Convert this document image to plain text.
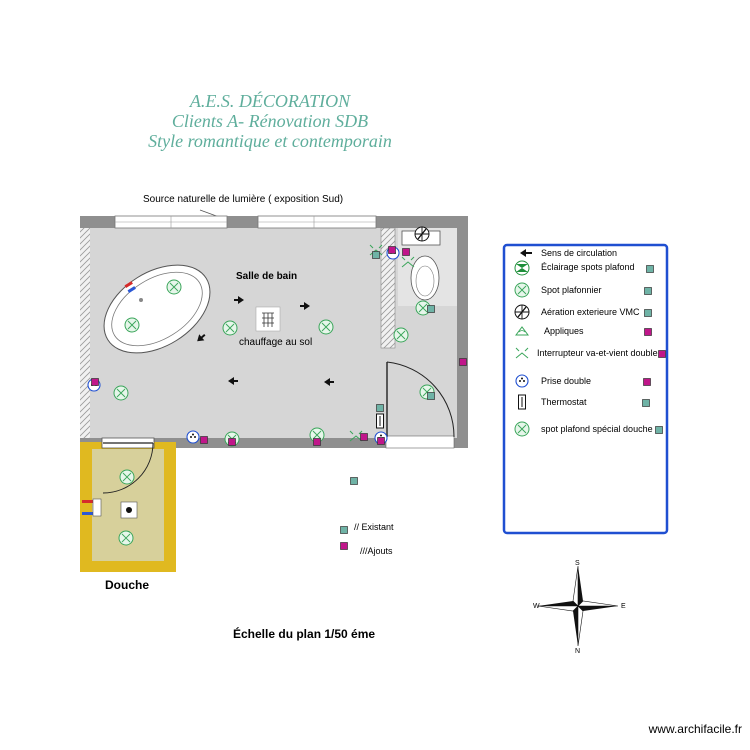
A.E.S. DÉCORATION
Clients A- Rénovation SDB
Style romantique et contemporain
Source naturelle de lumière ( exposition Sud)
Salle de bain
chauffage au sol
Douche
Échelle du plan 1/50 éme
// Existant
///Ajouts
S
N
E
W
Sens de circulation
Éclairage spots plafond
Spot plafonnier
Aération exterieure VMC
Appliques
Interrupteur va-et-vient double
Prise double
Thermostat
spot plafond spécial douche
www.archifacile.fr
